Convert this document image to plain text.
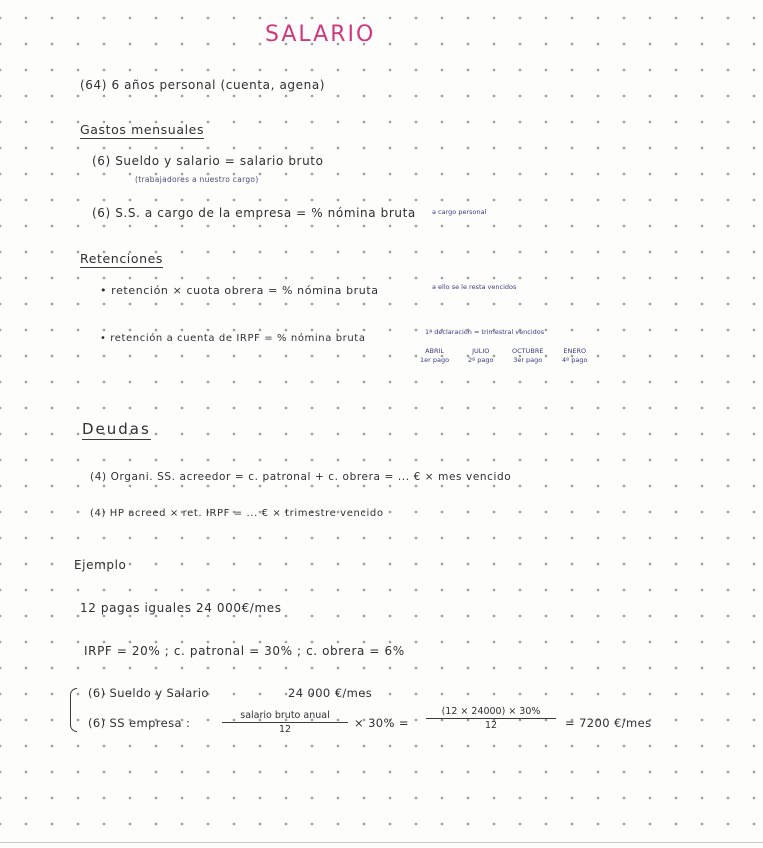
SALARIO
(64) 6 años personal (cuenta, agena)
Gastos mensuales
(6) Sueldo y salario = salario bruto
(trabajadores a nuestro cargo)
(6) S.S. a cargo de la empresa = % nómina bruta a cargo personal
Retenciones
• retención × cuota obrera = % nómina bruta	a ello se le resta vencidos
• retención a cuenta de IRPF = % nómina bruta
1ª declaración = trimestral vencidos
ABRIL
1er pago
JULIO
2º pago
OCTUBRE
3er pago
ENERO
4º pago
Deudas
(4) Organi. SS. acreedor = c. patronal + c. obrera = ... € × mes vencido
(4) HP acreed × ret. IRPF = ... € × trimestre vencido
Ejemplo
12 pagas iguales 24 000€/mes
IRPF = 20% ; c. patronal = 30% ; c. obrera = 6%
(6) Sueldo y Salario	24 000 €/mes
(6) SS empresa :
salario bruto anual
12	× $30\% = \frac{(12 \times 24000) \times 30\%}{12} = 7200$ €/mes
